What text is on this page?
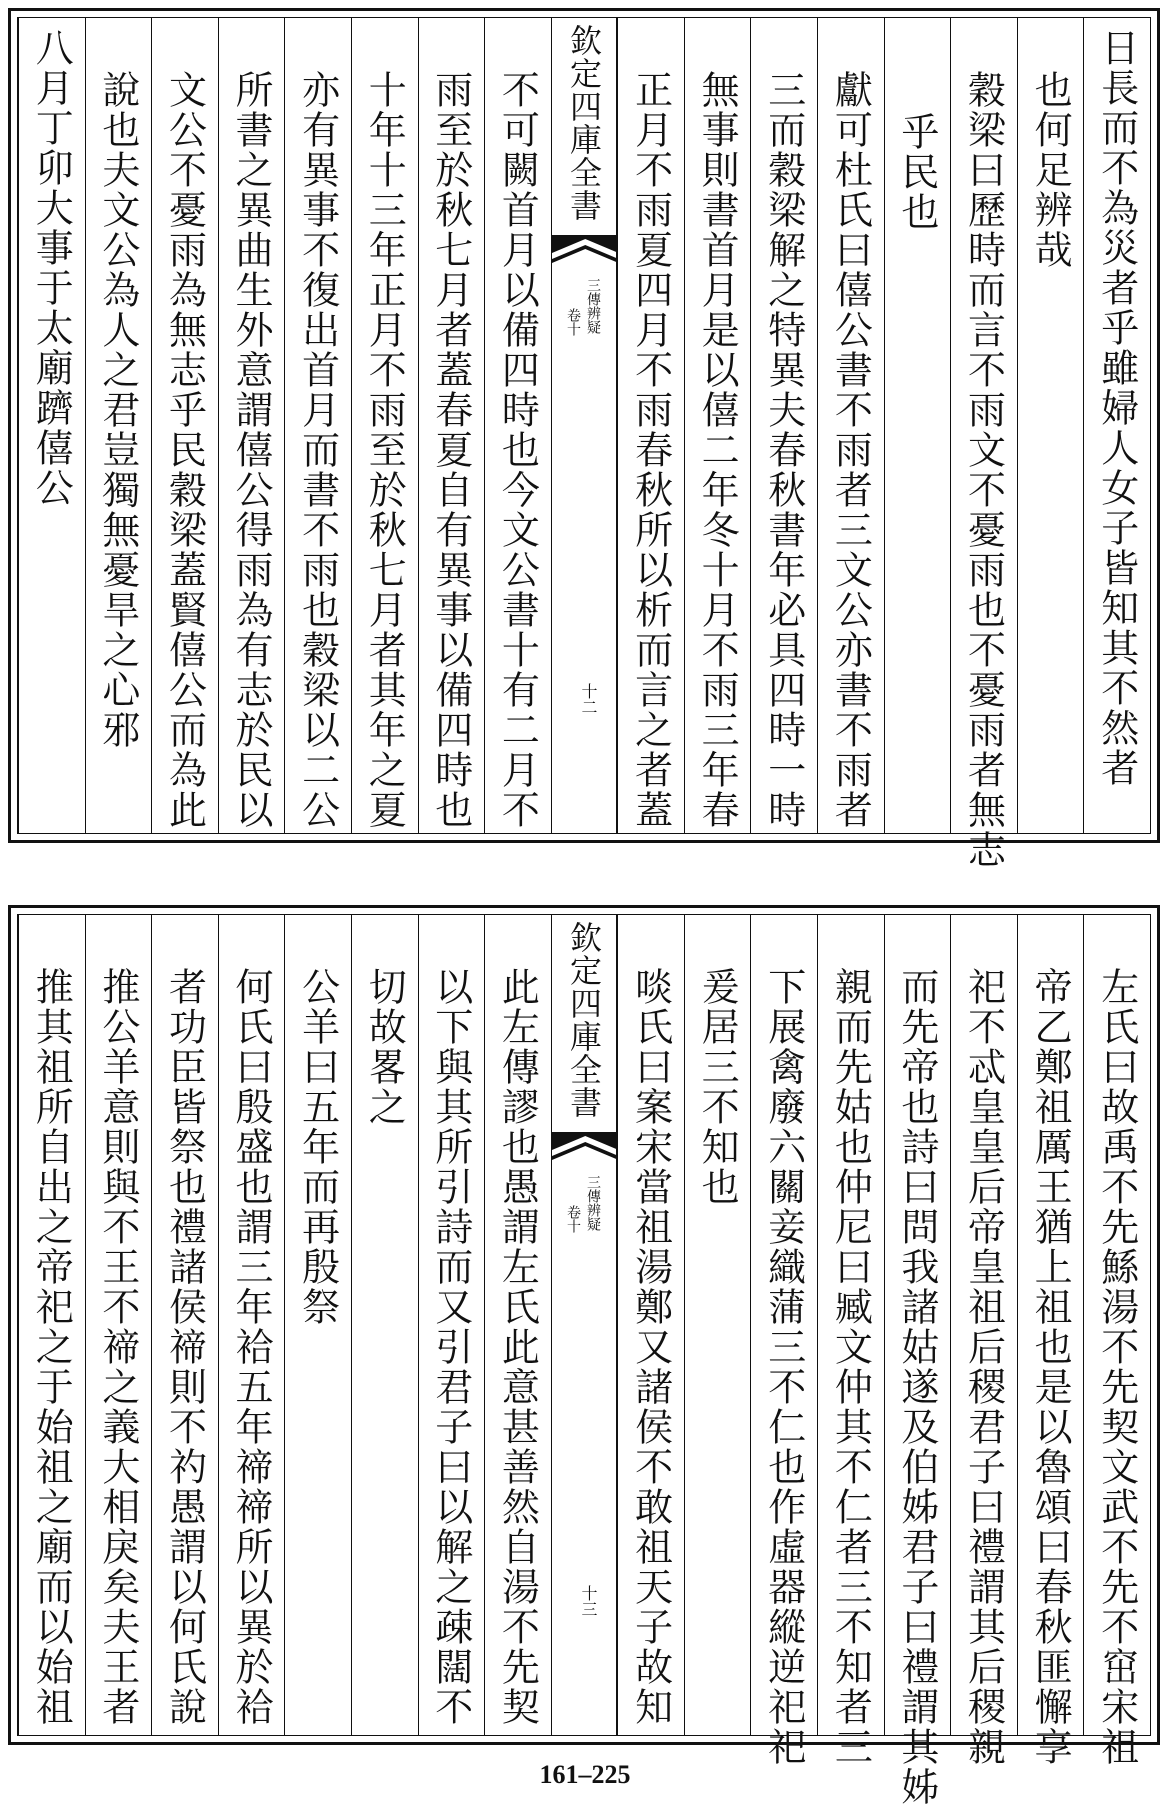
日長而不為災者乎雖婦人女子皆知其不然者
也何足辨哉
穀梁曰歷時而言不雨文不憂雨也不憂雨者無志
乎民也
獻可杜氏曰僖公書不雨者三文公亦書不雨者
三而穀梁解之特異夫春秋書年必具四時一時
無事則書首月是以僖二年冬十月不雨三年春
正月不雨夏四月不雨春秋所以析而言之者蓋
欽定四庫全書
三傳辨疑
卷十
十二
不可闕首月以備四時也今文公書十有二月不
雨至於秋七月者蓋春夏自有異事以備四時也
十年十三年正月不雨至於秋七月者其年之夏
亦有異事不復出首月而書不雨也穀梁以二公
所書之異曲生外意謂僖公得雨為有志於民以
文公不憂雨為無志乎民穀梁蓋賢僖公而為此
說也夫文公為人之君豈獨無憂旱之心邪
八月丁卯大事于太廟躋僖公
左氏曰故禹不先鯀湯不先契文武不先不窋宋祖
帝乙鄭祖厲王猶上祖也是以魯頌曰春秋匪懈享
祀不忒皇皇后帝皇祖后稷君子曰禮謂其后稷親
而先帝也詩曰問我諸姑遂及伯姊君子曰禮謂其姊
親而先姑也仲尼曰臧文仲其不仁者三不知者三
下展禽廢六關妾織蒲三不仁也作虛器縱逆祀祀
爰居三不知也
啖氏曰案宋當祖湯鄭又諸侯不敢祖天子故知
欽定四庫全書
三傳辨疑
卷十
十三
此左傳謬也愚謂左氏此意甚善然自湯不先契
以下與其所引詩而又引君子曰以解之疎闊不
切故畧之
公羊曰五年而再殷祭
何氏曰殷盛也謂三年袷五年禘禘所以異於袷
者功臣皆祭也禮諸侯禘則不礿愚謂以何氏說
推公羊意則與不王不禘之義大相戾矣夫王者
推其祖所自出之帝祀之于始祖之廟而以始祖
161–225
